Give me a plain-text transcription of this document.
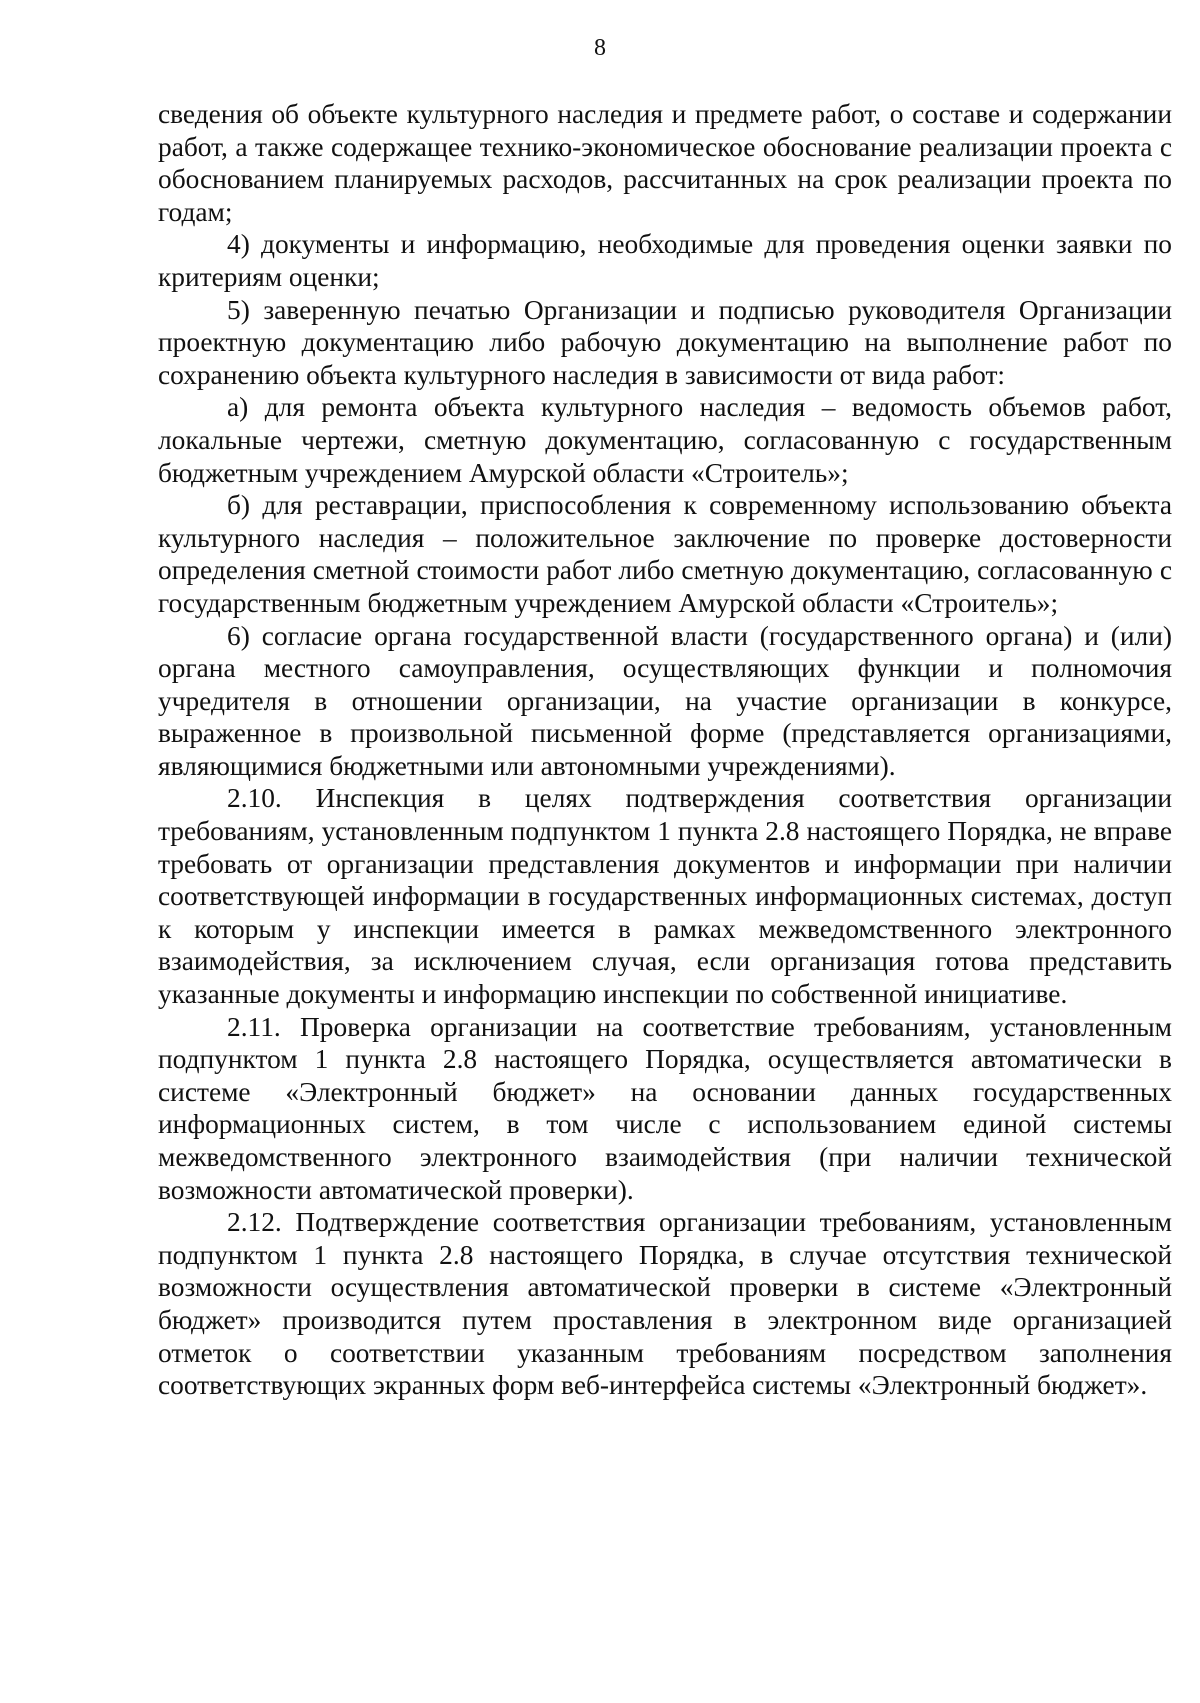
8

сведения об объекте культурного наследия и предмете работ, о составе и содержании работ, а также содержащее технико-экономическое обоснование реализации проекта с обоснованием планируемых расходов, рассчитанных на срок реализации проекта по годам;

4) документы и информацию, необходимые для проведения оценки заявки по критериям оценки;

5) заверенную печатью Организации и подписью руководителя Организации проектную документацию либо рабочую документацию на выполнение работ по сохранению объекта культурного наследия в зависимости от вида работ:

а) для ремонта объекта культурного наследия – ведомость объемов работ, локальные чертежи, сметную документацию, согласованную с государственным бюджетным учреждением Амурской области «Строитель»;

б) для реставрации, приспособления к современному использованию объекта культурного наследия – положительное заключение по проверке достоверности определения сметной стоимости работ либо сметную документацию, согласованную с государственным бюджетным учреждением Амурской области «Строитель»;

6) согласие органа государственной власти (государственного органа) и (или) органа местного самоуправления, осуществляющих функции и полномочия учредителя в отношении организации, на участие организации в конкурсе, выраженное в произвольной письменной форме (представляется организациями, являющимися бюджетными или автономными учреждениями).

2.10. Инспекция в целях подтверждения соответствия организации требованиям, установленным подпунктом 1 пункта 2.8 настоящего Порядка, не вправе требовать от организации представления документов и информации при наличии соответствующей информации в государственных информационных системах, доступ к которым у инспекции имеется в рамках межведомственного электронного взаимодействия, за исключением случая, если организация готова представить указанные документы и информацию инспекции по собственной инициативе.

2.11. Проверка организации на соответствие требованиям, установленным подпунктом 1 пункта 2.8 настоящего Порядка, осуществляется автоматически в системе «Электронный бюджет» на основании данных государственных информационных систем, в том числе с использованием единой системы межведомственного электронного взаимодействия (при наличии технической возможности автоматической проверки).

2.12. Подтверждение соответствия организации требованиям, установленным подпунктом 1 пункта 2.8 настоящего Порядка, в случае отсутствия технической возможности осуществления автоматической проверки в системе «Электронный бюджет» производится путем проставления в электронном виде организацией отметок о соответствии указанным требованиям посредством заполнения соответствующих экранных форм веб-интерфейса системы «Электронный бюджет».
